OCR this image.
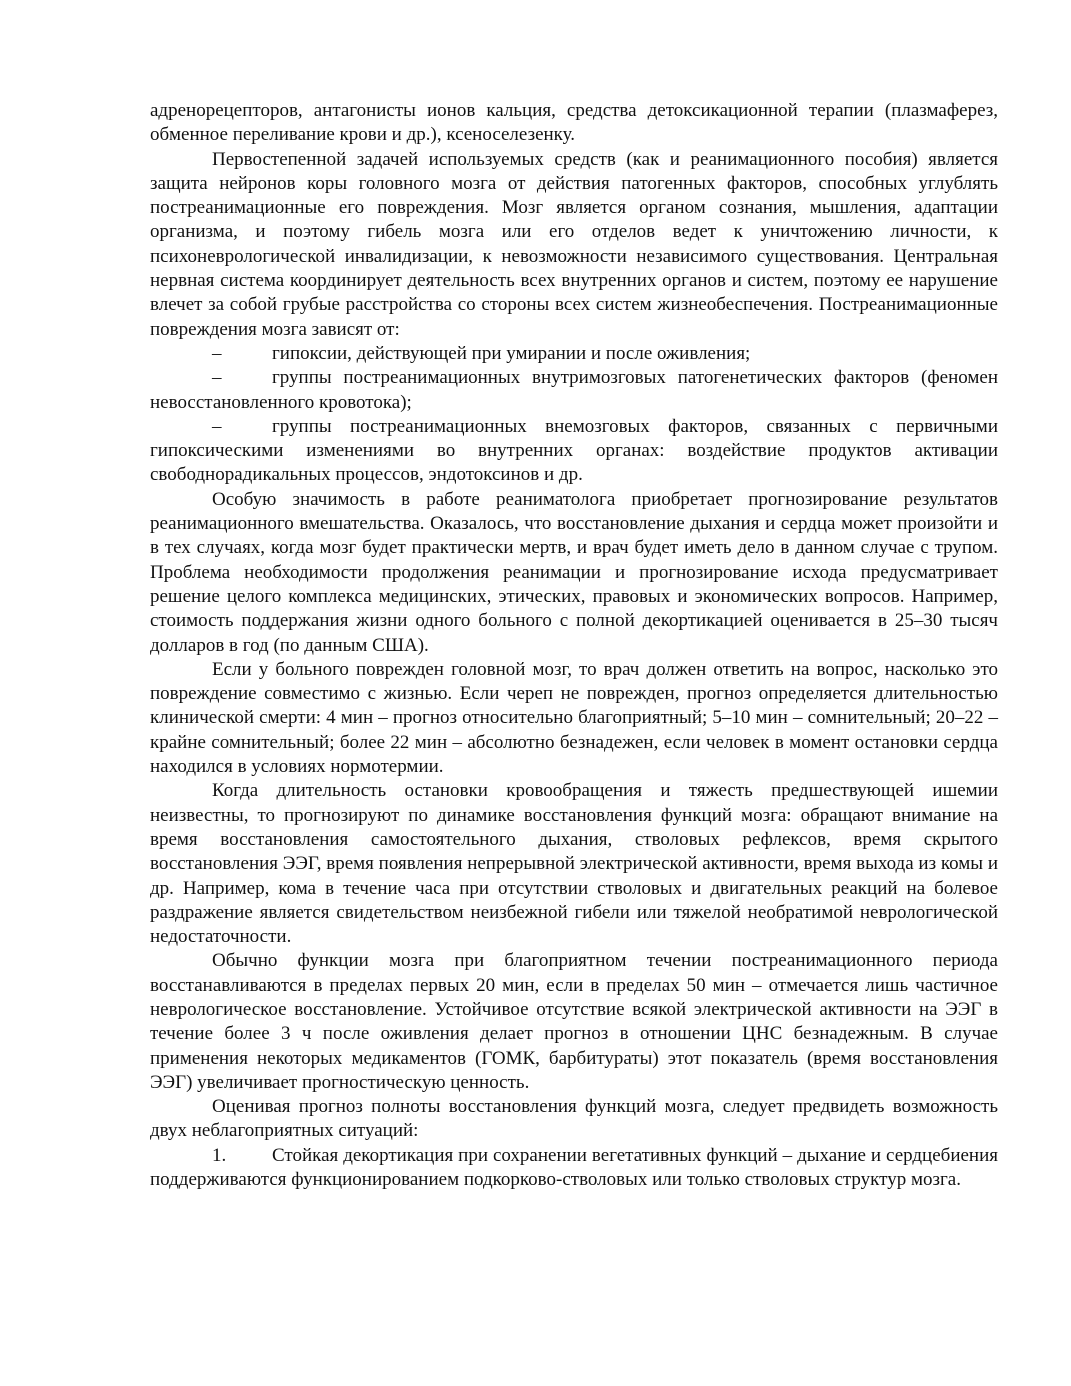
адренорецепторов, антагонисты ионов кальция, средства детоксикационной терапии (плазмаферез, обменное переливание крови и др.), ксеноселезенку.

Первостепенной задачей используемых средств (как и реанимационного пособия) является защита нейронов коры головного мозга от действия патогенных факторов, способных углублять постреанимационные его повреждения. Мозг является органом сознания, мышления, адаптации организма, и поэтому гибель мозга или его отделов ведет к уничтожению личности, к психоневрологической инвалидизации, к невозможности независимого существования. Центральная нервная система координирует деятельность всех внутренних органов и систем, поэтому ее нарушение влечет за собой грубые расстройства со стороны всех систем жизнеобеспечения. Постреанимационные повреждения мозга зависят от:

–	гипоксии, действующей при умирании и после оживления;

–	группы постреанимационных внутримозговых патогенетических факторов (феномен невосстановленного кровотока);

–	группы постреанимационных внемозговых факторов, связанных с первичными гипоксическими изменениями во внутренних органах: воздействие продуктов активации свободнорадикальных процессов, эндотоксинов и др.

Особую значимость в работе реаниматолога приобретает прогнозирование результатов реанимационного вмешательства. Оказалось, что восстановление дыхания и сердца может произойти и в тех случаях, когда мозг будет практически мертв, и врач будет иметь дело в данном случае с трупом. Проблема необходимости продолжения реанимации и прогнозирование исхода предусматривает решение целого комплекса медицинских, этических, правовых и экономических вопросов. Например, стоимость поддержания жизни одного больного с полной декортикацией оценивается в 25–30 тысяч долларов в год (по данным США).

Если у больного поврежден головной мозг, то врач должен ответить на вопрос, насколько это повреждение совместимо с жизнью. Если череп не поврежден, прогноз определяется длительностью клинической смерти: 4 мин – прогноз относительно благоприятный; 5–10 мин – сомнительный; 20–22 – крайне сомнительный; более 22 мин – абсолютно безнадежен, если человек в момент остановки сердца находился в условиях нормотермии.

Когда длительность остановки кровообращения и тяжесть предшествующей ишемии неизвестны, то прогнозируют по динамике восстановления функций мозга: обращают внимание на время восстановления самостоятельного дыхания, стволовых рефлексов, время скрытого восстановления ЭЭГ, время появления непрерывной электрической активности, время выхода из комы и др. Например, кома в течение часа при отсутствии стволовых и двигательных реакций на болевое раздражение является свидетельством неизбежной гибели или тяжелой необратимой неврологической недостаточности.

Обычно функции мозга при благоприятном течении постреанимационного периода восстанавливаются в пределах первых 20 мин, если в пределах 50 мин – отмечается лишь частичное неврологическое восстановление. Устойчивое отсутствие всякой электрической активности на ЭЭГ в течение более 3 ч после оживления делает прогноз в отношении ЦНС безнадежным. В случае применения некоторых медикаментов (ГОМК, барбитураты) этот показатель (время восстановления ЭЭГ) увеличивает прогностическую ценность.

Оценивая прогноз полноты восстановления функций мозга, следует предвидеть возможность двух неблагоприятных ситуаций:

1. Стойкая декортикация при сохранении вегетативных функций – дыхание и сердцебиения поддерживаются функционированием подкорково-стволовых или только стволовых структур мозга.
